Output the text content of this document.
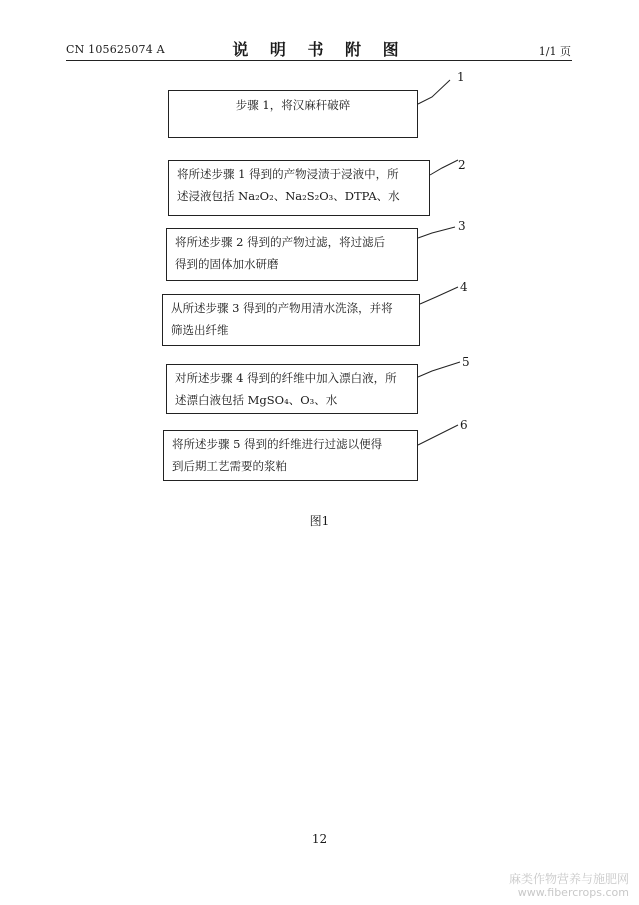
CN 105625074 A	说 明 书 附 图	1/1 页
步骤 1，将汉麻秆破碎
1
将所述步骤 1 得到的产物浸渍于浸液中，所
述浸液包括 Na₂O₂、Na₂S₂O₃、DTPA、水
2
将所述步骤 2 得到的产物过滤，将过滤后
得到的固体加水研磨
3
从所述步骤 3 得到的产物用清水洗涤，并将
筛选出纤维
4
对所述步骤 4 得到的纤维中加入漂白液，所
述漂白液包括 MgSO₄、O₃、水
5
将所述步骤 5 得到的纤维进行过滤以便得
到后期工艺需要的浆粕
6
图1
12
麻类作物营养与施肥网
www.fibercrops.com
